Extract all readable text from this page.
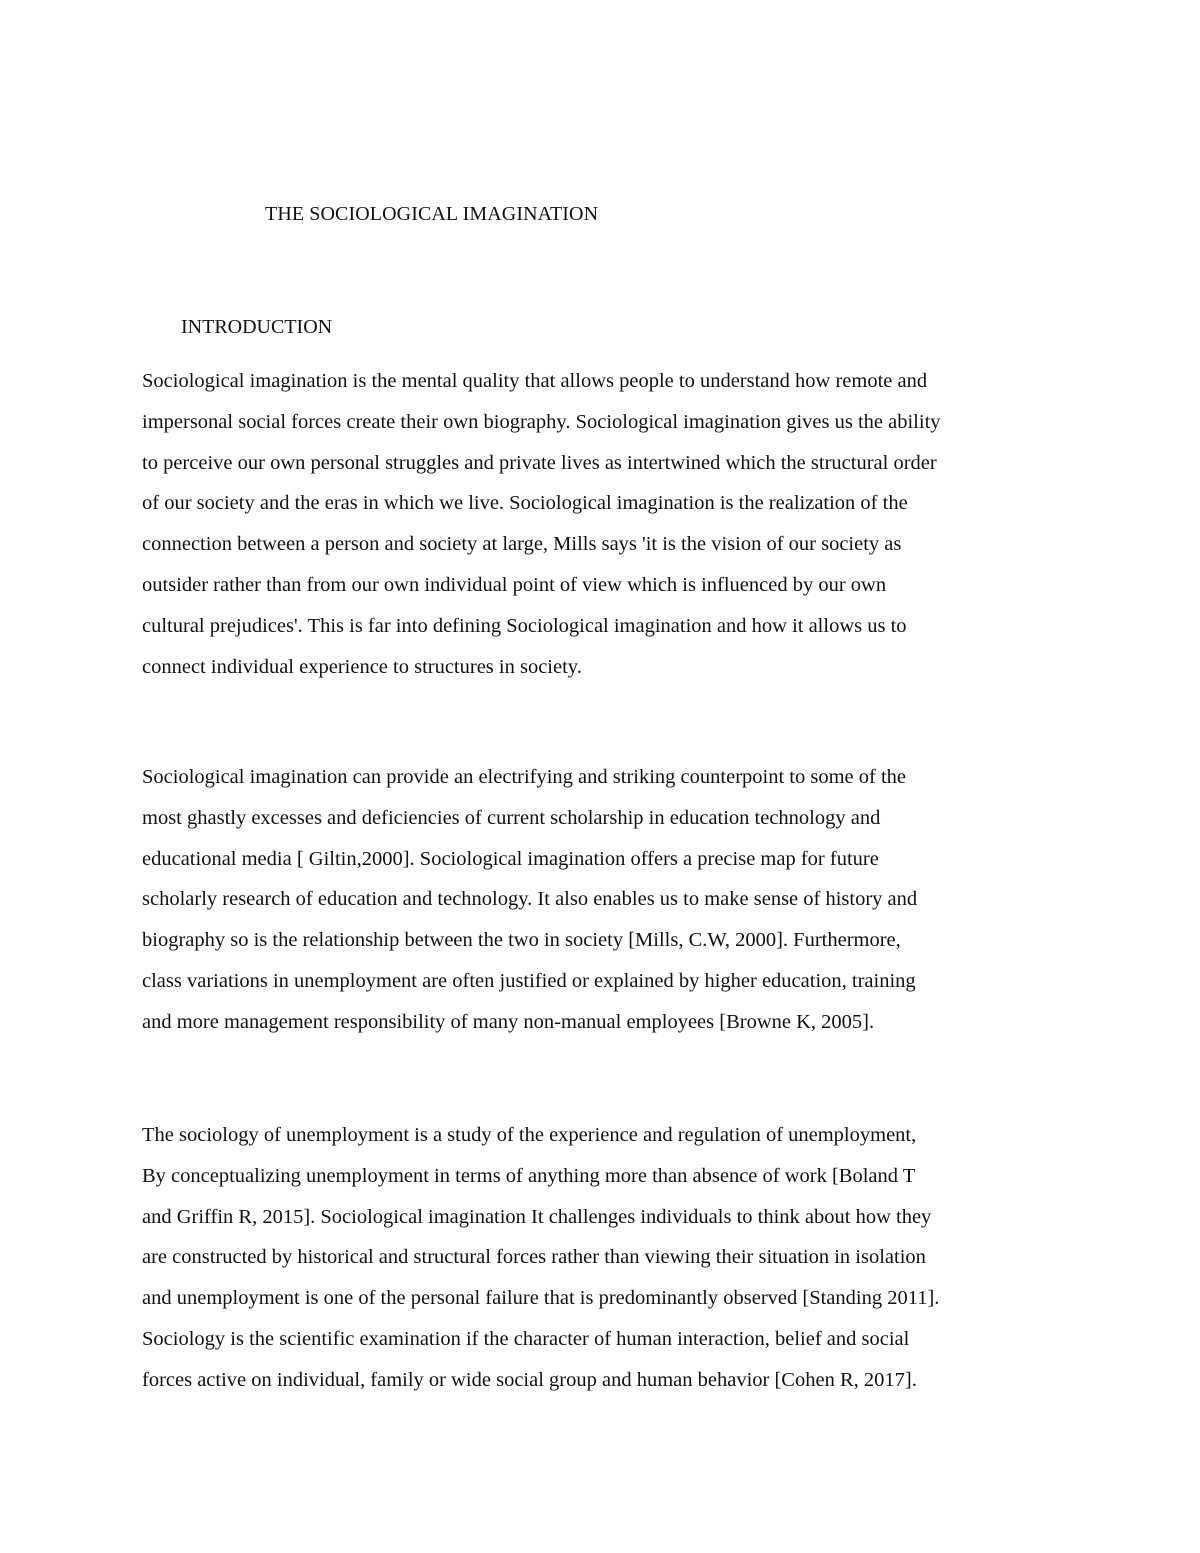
THE SOCIOLOGICAL IMAGINATION
INTRODUCTION

Sociological imagination is the mental quality that allows people to understand how remote and
impersonal social forces create their own biography. Sociological imagination gives us the ability
to perceive our own personal struggles and private lives as intertwined which the structural order
of our society and the eras in which we live. Sociological imagination is the realization of the
connection between a person and society at large, Mills says 'it is the vision of our society as
outsider rather than from our own individual point of view which is influenced by our own
cultural prejudices'. This is far into defining Sociological imagination and how it allows us to
connect individual experience to structures in society.

Sociological imagination can provide an electrifying and striking counterpoint to some of the
most ghastly excesses and deficiencies of current scholarship in education technology and
educational media [ Giltin,2000]. Sociological imagination offers a precise map for future
scholarly research of education and technology. It also enables us to make sense of history and
biography so is the relationship between the two in society [Mills, C.W, 2000]. Furthermore,
class variations in unemployment are often justified or explained by higher education, training
and more management responsibility of many non-manual employees [Browne K, 2005].

The sociology of unemployment is a study of the experience and regulation of unemployment,
By conceptualizing unemployment in terms of anything more than absence of work [Boland T
and Griffin R, 2015]. Sociological imagination It challenges individuals to think about how they
are constructed by historical and structural forces rather than viewing their situation in isolation
and unemployment is one of the personal failure that is predominantly observed [Standing 2011].
Sociology is the scientific examination if the character of human interaction, belief and social
forces active on individual, family or wide social group and human behavior [Cohen R, 2017].
